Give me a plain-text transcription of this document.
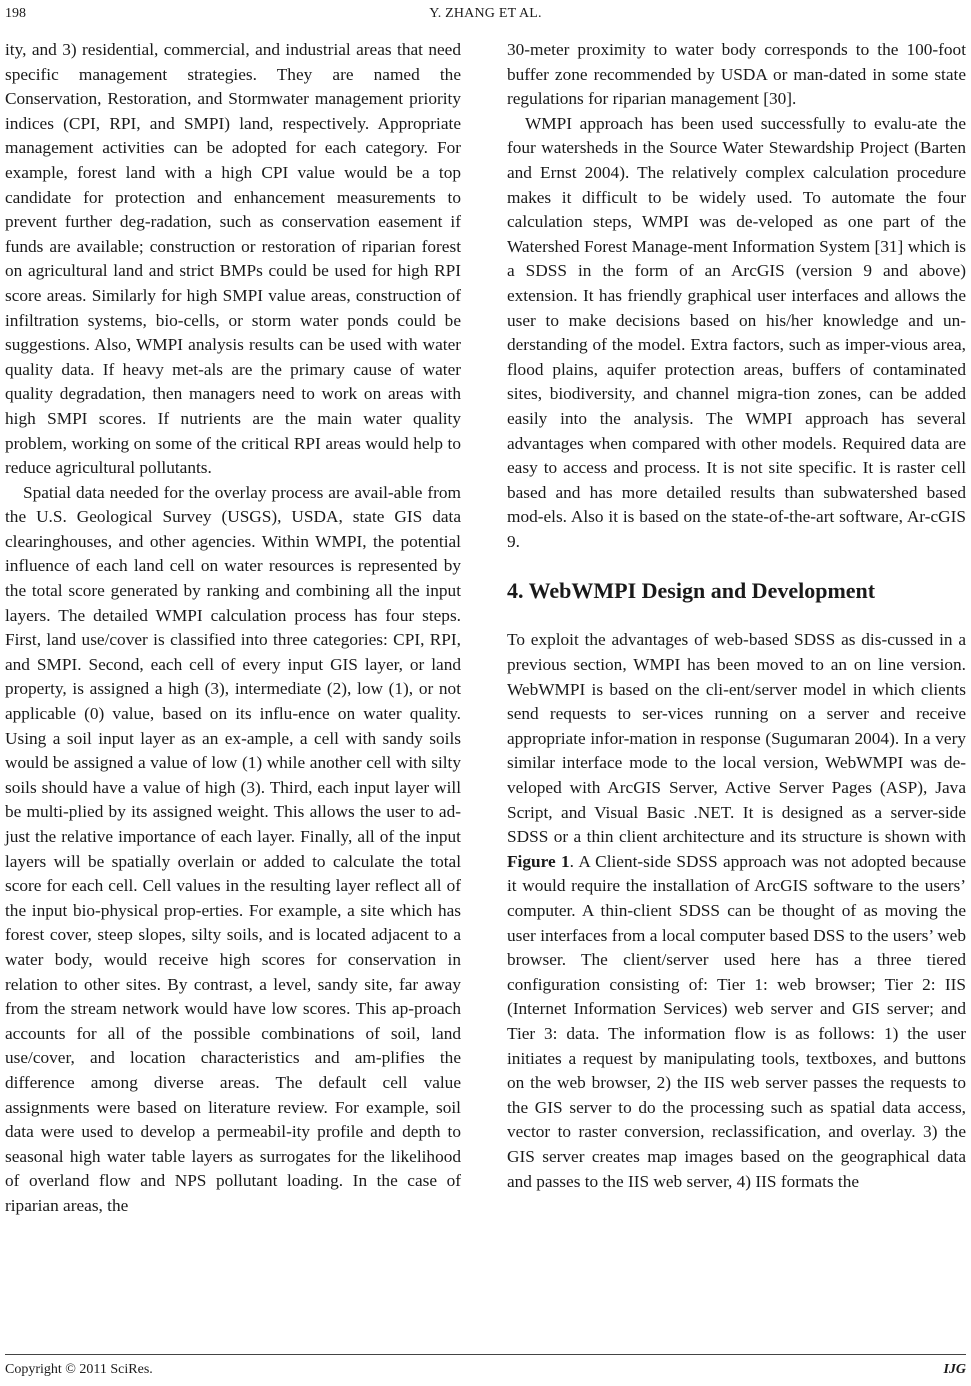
198	Y. ZHANG ET AL.

ity, and 3) residential, commercial, and industrial areas that need specific management strategies. They are named the Conservation, Restoration, and Stormwater management priority indices (CPI, RPI, and SMPI) land, respectively. Appropriate management activities can be adopted for each category. For example, forest land with a high CPI value would be a top candidate for protection and enhancement measurements to prevent further deg-radation, such as conservation easement if funds are available; construction or restoration of riparian forest on agricultural land and strict BMPs could be used for high RPI score areas. Similarly for high SMPI value areas, construction of infiltration systems, bio-cells, or storm water ponds could be suggestions. Also, WMPI analysis results can be used with water quality data. If heavy met-als are the primary cause of water quality degradation, then managers need to work on areas with high SMPI scores. If nutrients are the main water quality problem, working on some of the critical RPI areas would help to reduce agricultural pollutants.

Spatial data needed for the overlay process are avail-able from the U.S. Geological Survey (USGS), USDA, state GIS data clearinghouses, and other agencies. Within WMPI, the potential influence of each land cell on water resources is represented by the total score generated by ranking and combining all the input layers. The detailed WMPI calculation process has four steps. First, land use/cover is classified into three categories: CPI, RPI, and SMPI. Second, each cell of every input GIS layer, or land property, is assigned a high (3), intermediate (2), low (1), or not applicable (0) value, based on its influ-ence on water quality. Using a soil input layer as an ex-ample, a cell with sandy soils would be assigned a value of low (1) while another cell with silty soils should have a value of high (3). Third, each input layer will be multi-plied by its assigned weight. This allows the user to ad-just the relative importance of each layer. Finally, all of the input layers will be spatially overlain or added to calculate the total score for each cell. Cell values in the resulting layer reflect all of the input bio-physical prop-erties. For example, a site which has forest cover, steep slopes, silty soils, and is located adjacent to a water body, would receive high scores for conservation in relation to other sites. By contrast, a level, sandy site, far away from the stream network would have low scores. This ap-proach accounts for all of the possible combinations of soil, land use/cover, and location characteristics and am-plifies the difference among diverse areas. The default cell value assignments were based on literature review. For example, soil data were used to develop a permeabil-ity profile and depth to seasonal high water table layers as surrogates for the likelihood of overland flow and NPS pollutant loading. In the case of riparian areas, the

30-meter proximity to water body corresponds to the 100-foot buffer zone recommended by USDA or man-dated in some state regulations for riparian management [30].

WMPI approach has been used successfully to evalu-ate the four watersheds in the Source Water Stewardship Project (Barten and Ernst 2004). The relatively complex calculation procedure makes it difficult to be widely used. To automate the four calculation steps, WMPI was de-veloped as one part of the Watershed Forest Manage-ment Information System [31] which is a SDSS in the form of an ArcGIS (version 9 and above) extension. It has friendly graphical user interfaces and allows the user to make decisions based on his/her knowledge and un-derstanding of the model. Extra factors, such as imper-vious area, flood plains, aquifer protection areas, buffers of contaminated sites, biodiversity, and channel migra-tion zones, can be added easily into the analysis. The WMPI approach has several advantages when compared with other models. Required data are easy to access and process. It is not site specific. It is raster cell based and has more detailed results than subwatershed based mod-els. Also it is based on the state-of-the-art software, Ar-cGIS 9.

4. WebWMPI Design and Development

To exploit the advantages of web-based SDSS as dis-cussed in a previous section, WMPI has been moved to an on line version. WebWMPI is based on the cli-ent/server model in which clients send requests to ser-vices running on a server and receive appropriate infor-mation in response (Sugumaran 2004). In a very similar interface mode to the local version, WebWMPI was de-veloped with ArcGIS Server, Active Server Pages (ASP), Java Script, and Visual Basic .NET. It is designed as a server-side SDSS or a thin client architecture and its structure is shown with Figure 1. A Client-side SDSS approach was not adopted because it would require the installation of ArcGIS software to the users’ computer. A thin-client SDSS can be thought of as moving the user interfaces from a local computer based DSS to the users’ web browser. The client/server used here has a three tiered configuration consisting of: Tier 1: web browser; Tier 2: IIS (Internet Information Services) web server and GIS server; and Tier 3: data. The information flow is as follows: 1) the user initiates a request by manipulating tools, textboxes, and buttons on the web browser, 2) the IIS web server passes the requests to the GIS server to do the processing such as spatial data access, vector to raster conversion, reclassification, and overlay. 3) the GIS server creates map images based on the geographical data and passes to the IIS web server, 4) IIS formats the

Copyright © 2011 SciRes.	IJG
